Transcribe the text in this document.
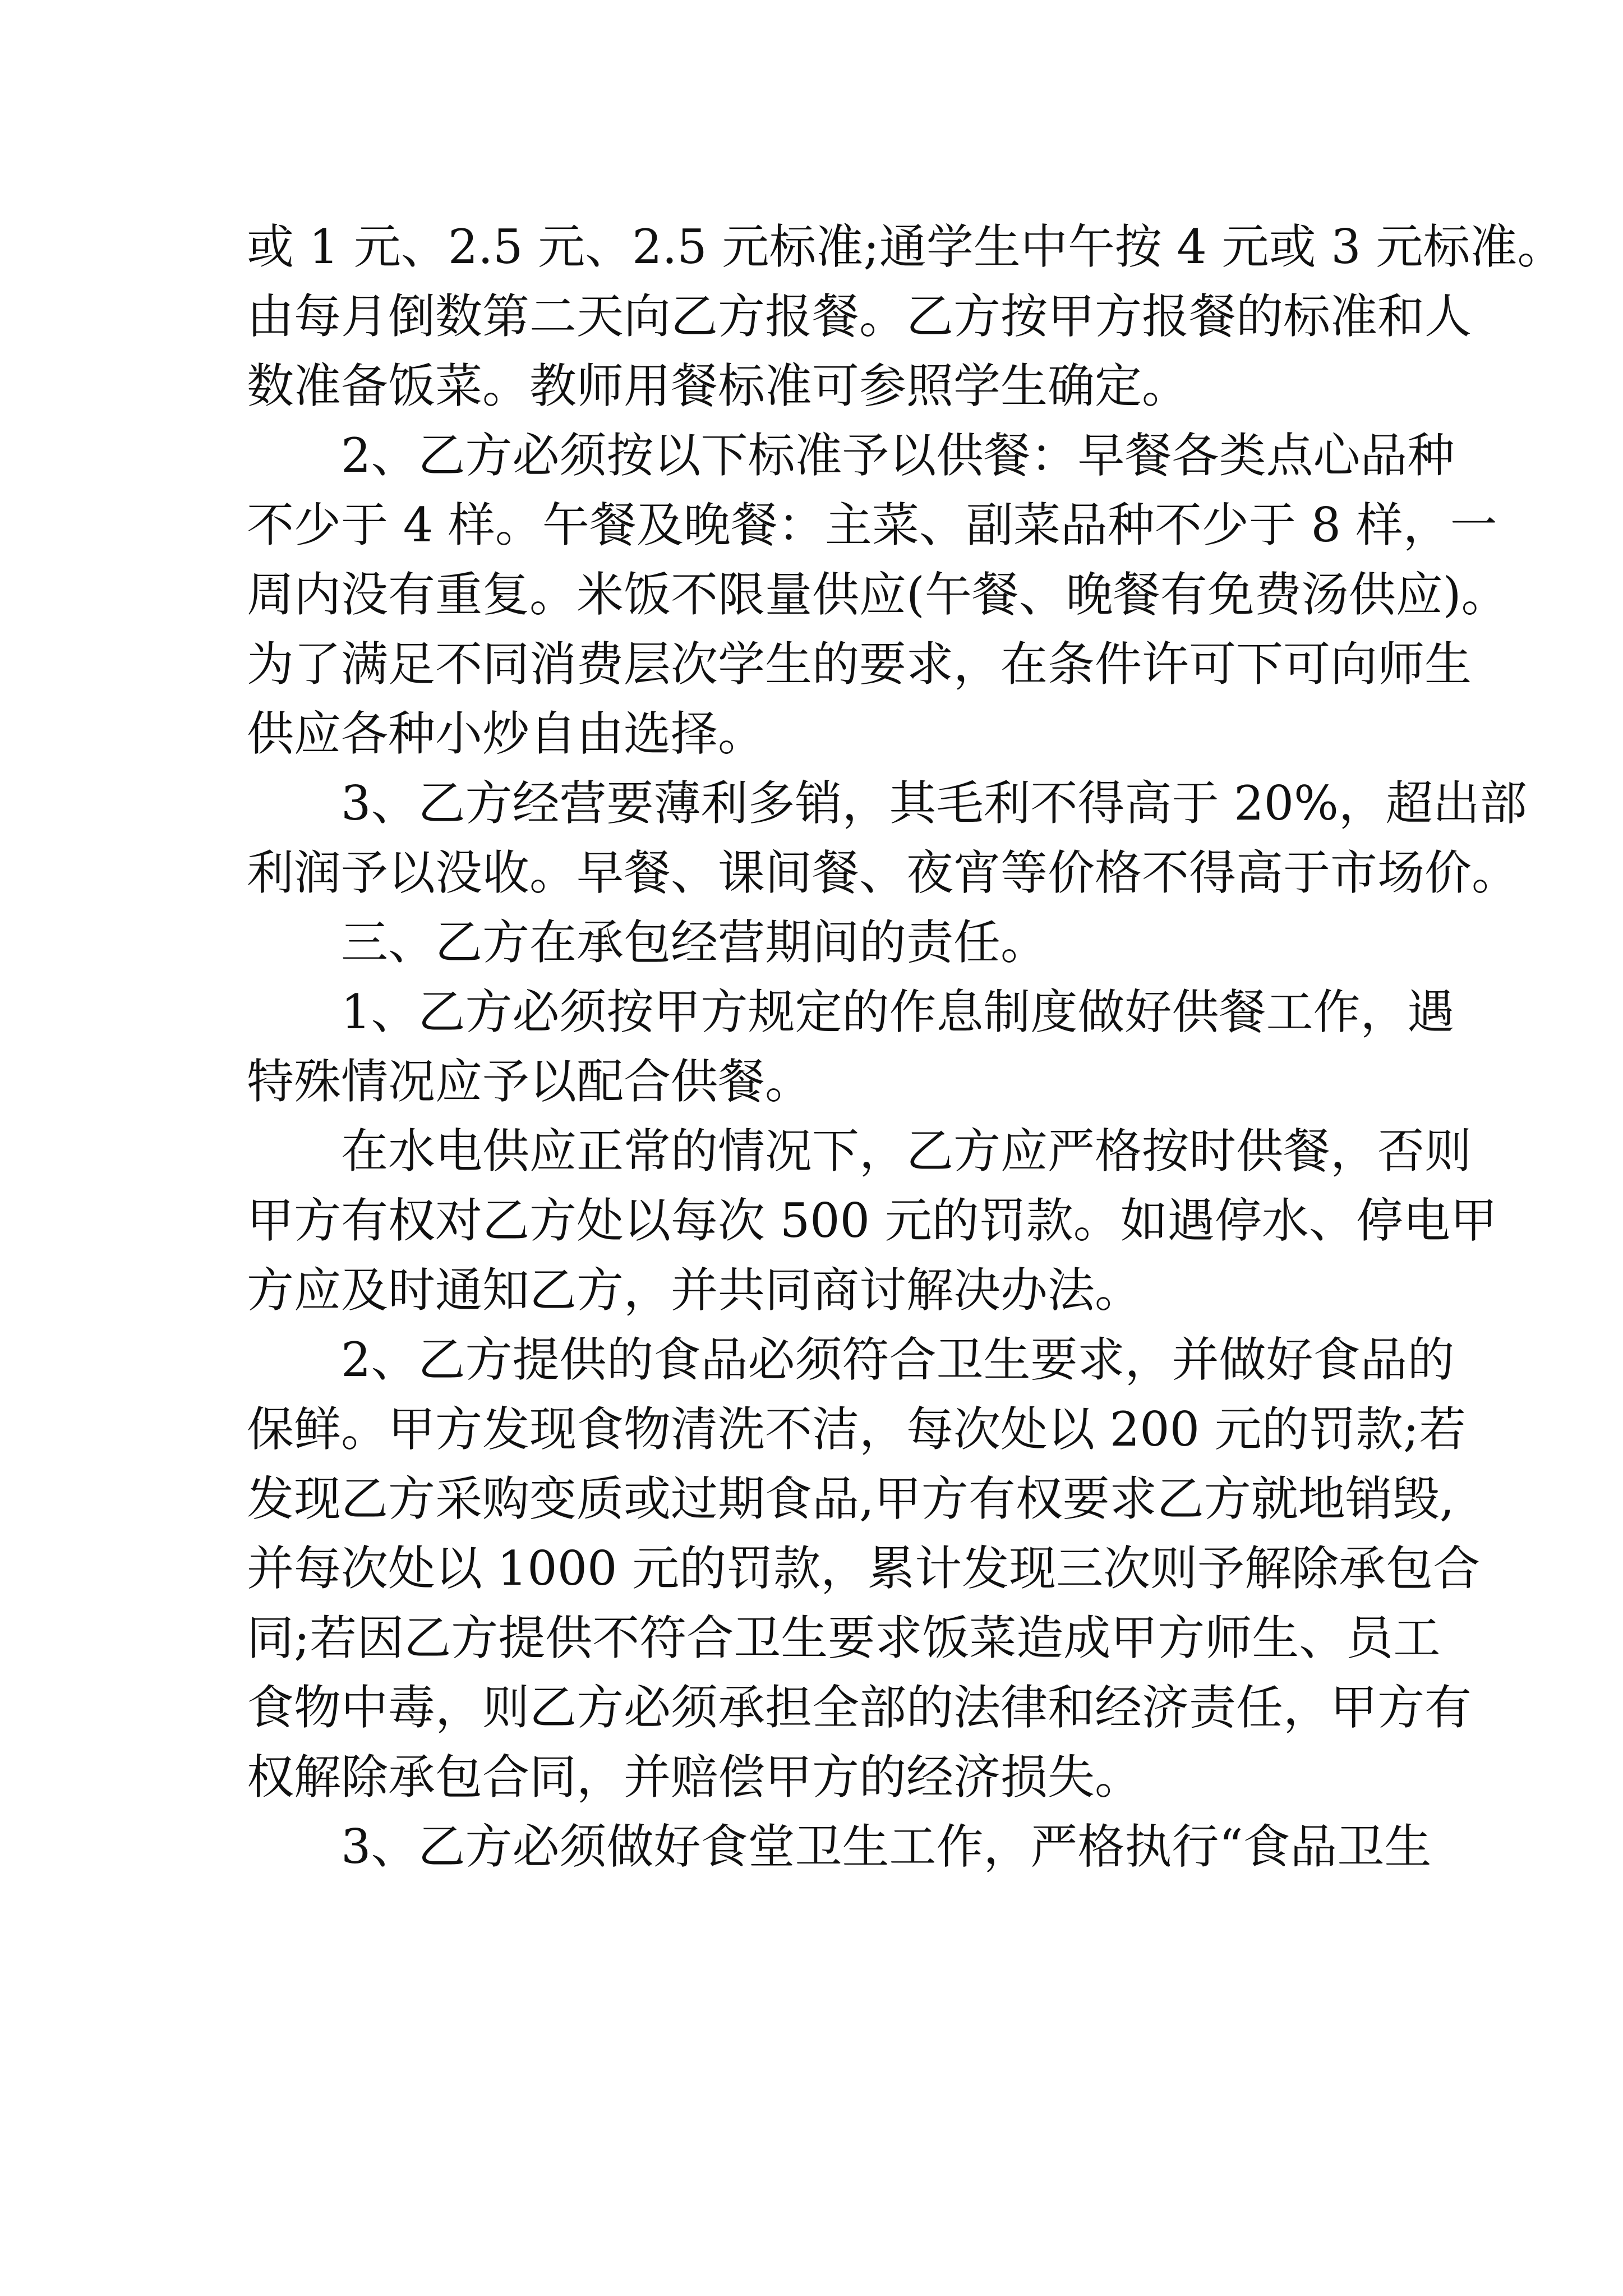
或 1 元、2.5 元、2.5 元标准;通学生中午按 4 元或 3 元标准。
由每月倒数第二天向乙方报餐。乙方按甲方报餐的标准和人
数准备饭菜。教师用餐标准可参照学生确定。
2、乙方必须按以下标准予以供餐：早餐各类点心品种
不少于 4 样。午餐及晚餐：主菜、副菜品种不少于 8 样，一
周内没有重复。米饭不限量供应(午餐、晚餐有免费汤供应)。
为了满足不同消费层次学生的要求，在条件许可下可向师生
供应各种小炒自由选择。
3、乙方经营要薄利多销，其毛利不得高于 20%，超出部
利润予以没收。早餐、课间餐、夜宵等价格不得高于市场价。
三、乙方在承包经营期间的责任。
1、乙方必须按甲方规定的作息制度做好供餐工作，遇
特殊情况应予以配合供餐。
在水电供应正常的情况下，乙方应严格按时供餐，否则
甲方有权对乙方处以每次 500 元的罚款。如遇停水、停电甲
方应及时通知乙方，并共同商讨解决办法。
2、乙方提供的食品必须符合卫生要求，并做好食品的
保鲜。甲方发现食物清洗不洁，每次处以 200 元的罚款;若
发现乙方采购变质或过期食品,甲方有权要求乙方就地销毁,
并每次处以 1000 元的罚款，累计发现三次则予解除承包合
同;若因乙方提供不符合卫生要求饭菜造成甲方师生、员工
食物中毒，则乙方必须承担全部的法律和经济责任，甲方有
权解除承包合同，并赔偿甲方的经济损失。
3、乙方必须做好食堂卫生工作，严格执行“食品卫生
